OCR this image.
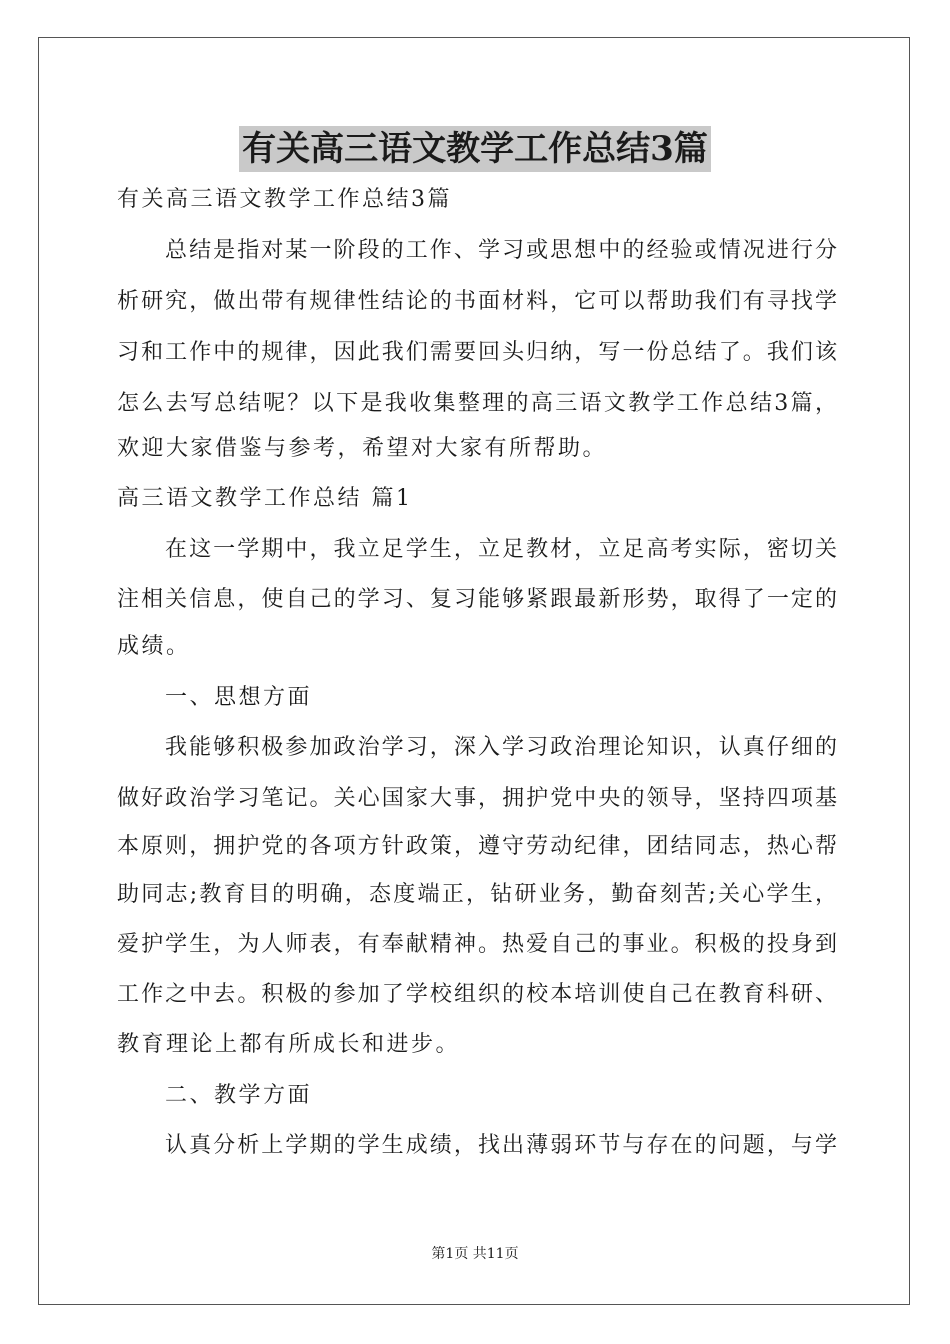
有关高三语文教学工作总结3篇
有关高三语文教学工作总结3篇
总结是指对某一阶段的工作、学习或思想中的经验或情况进行分
析研究，做出带有规律性结论的书面材料，它可以帮助我们有寻找学
习和工作中的规律，因此我们需要回头归纳，写一份总结了。我们该
怎么去写总结呢？以下是我收集整理的高三语文教学工作总结3篇，
欢迎大家借鉴与参考，希望对大家有所帮助。
高三语文教学工作总结 篇1
在这一学期中，我立足学生，立足教材，立足高考实际，密切关
注相关信息，使自己的学习、复习能够紧跟最新形势，取得了一定的
成绩。
一、思想方面
我能够积极参加政治学习，深入学习政治理论知识，认真仔细的
做好政治学习笔记。关心国家大事，拥护党中央的领导，坚持四项基
本原则，拥护党的各项方针政策，遵守劳动纪律，团结同志，热心帮
助同志;教育目的明确，态度端正，钻研业务，勤奋刻苦;关心学生，
爱护学生，为人师表，有奉献精神。热爱自己的事业。积极的投身到
工作之中去。积极的参加了学校组织的校本培训使自己在教育科研、
教育理论上都有所成长和进步。
二、教学方面
认真分析上学期的学生成绩，找出薄弱环节与存在的问题，与学
第1页 共11页
